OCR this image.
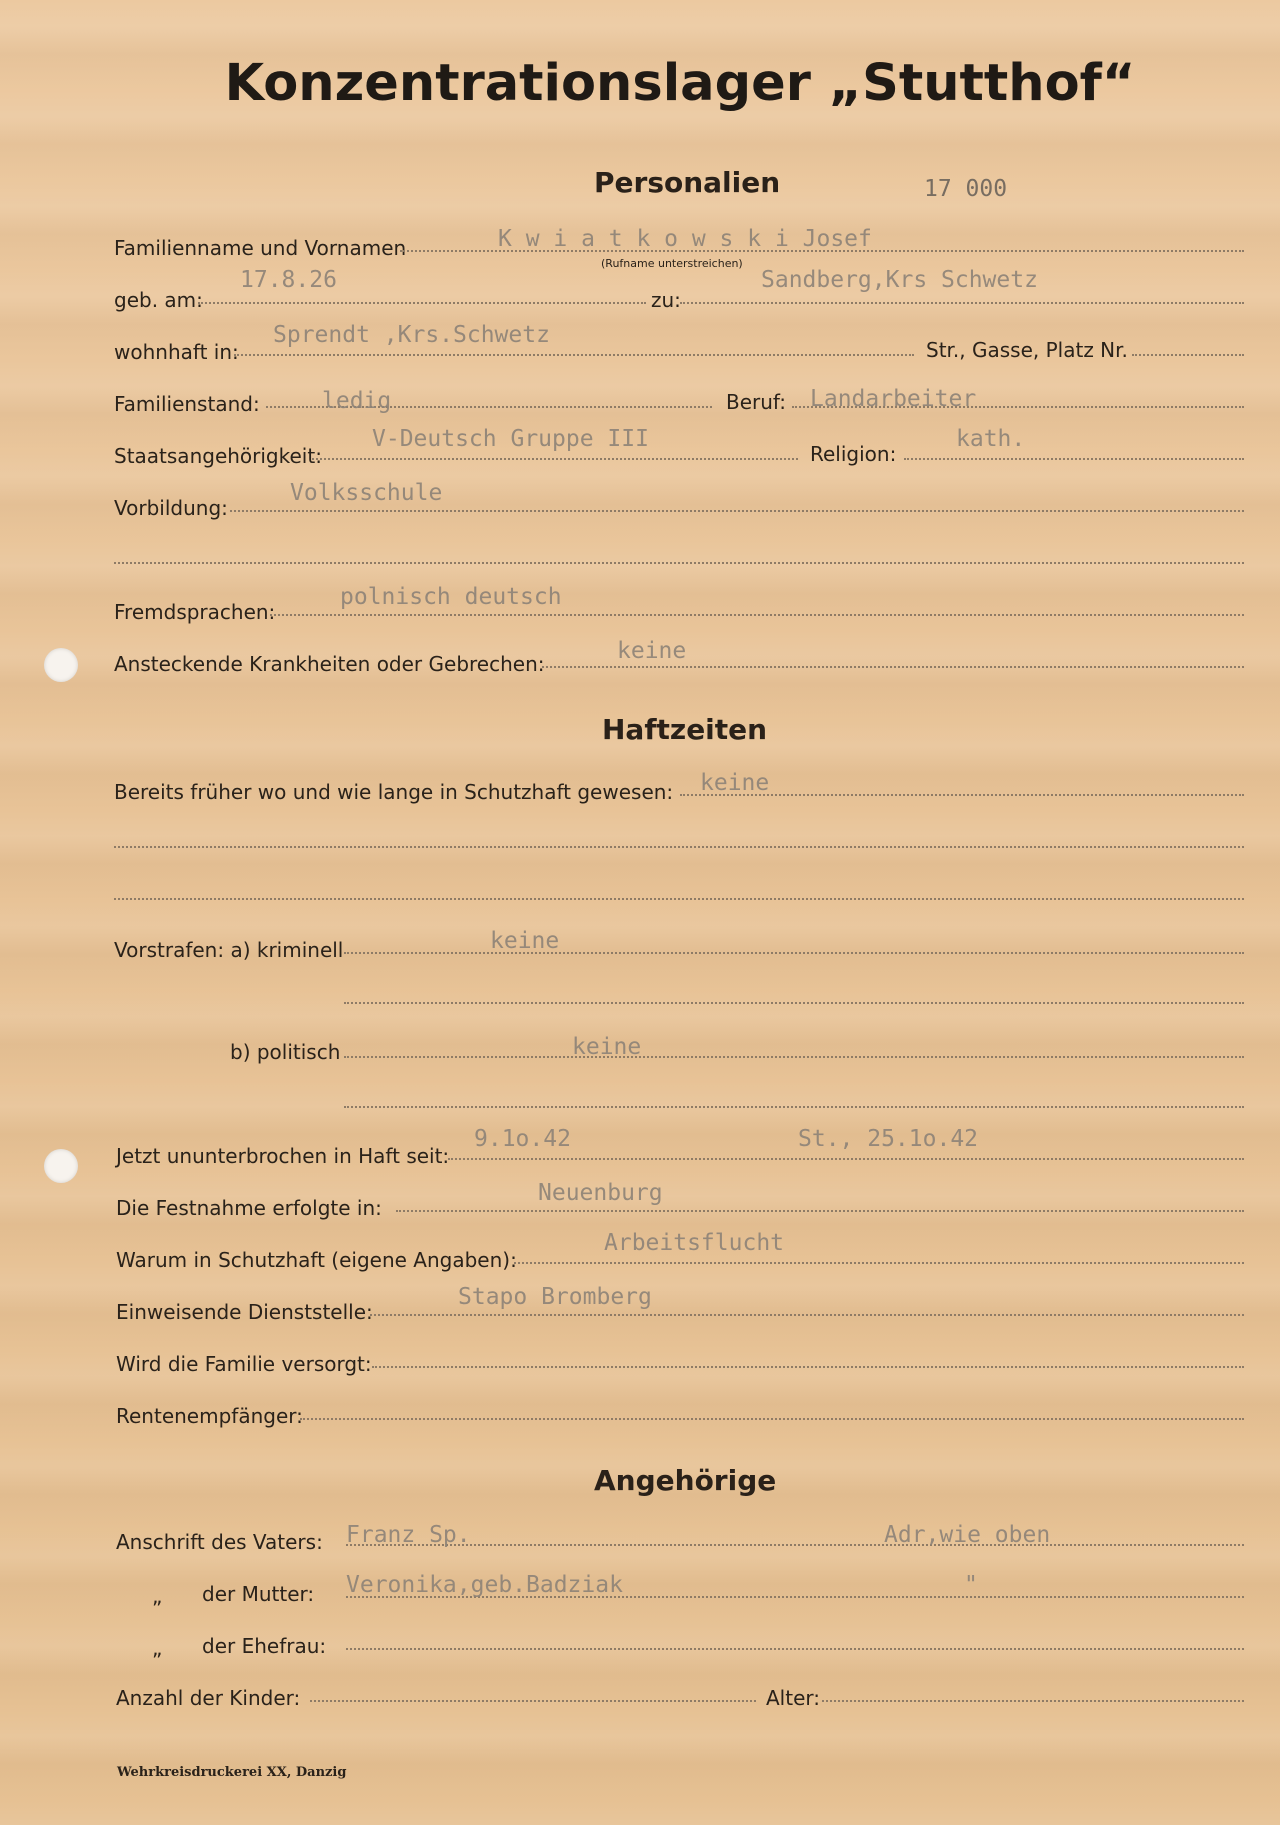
Konzentrationslager „Stutthof“
Personalien	17 000
Familienname und Vornamen	K w i a t k o w s k i Josef
(Rufname unterstreichen)
geb. am:
17.8.26
zu:
Sandberg,Krs Schwetz
wohnhaft in:
Sprendt ,Krs.Schwetz
Str., Gasse, Platz Nr.
Familienstand:	ledig	Beruf: Landarbeiter
Staatsangehörigkeit:
V-Deutsch Gruppe III
Religion:
kath.
Vorbildung:
Volksschule
Fremdsprachen:
polnisch deutsch
Ansteckende Krankheiten oder Gebrechen:	keine
Haftzeiten
Bereits früher wo und wie lange in Schutzhaft gewesen: keine
Vorstrafen: a) kriminell	keine
b) politisch	keine
Jetzt ununterbrochen in Haft seit:
9.1o.42	St., 25.1o.42
Die Festnahme erfolgte in:
Neuenburg
Warum in Schutzhaft (eigene Angaben):
Arbeitsflucht
Einweisende Dienststelle:
Stapo Bromberg
Wird die Familie versorgt:
Rentenempfänger:
Angehörige
Anschrift des Vaters: Franz Sp.	Adr,wie oben
„ der Mutter: Veronika,geb.Badziak	"
„ der Ehefrau:
Anzahl der Kinder:	Alter:
Wehrkreisdruckerei XX, Danzig
